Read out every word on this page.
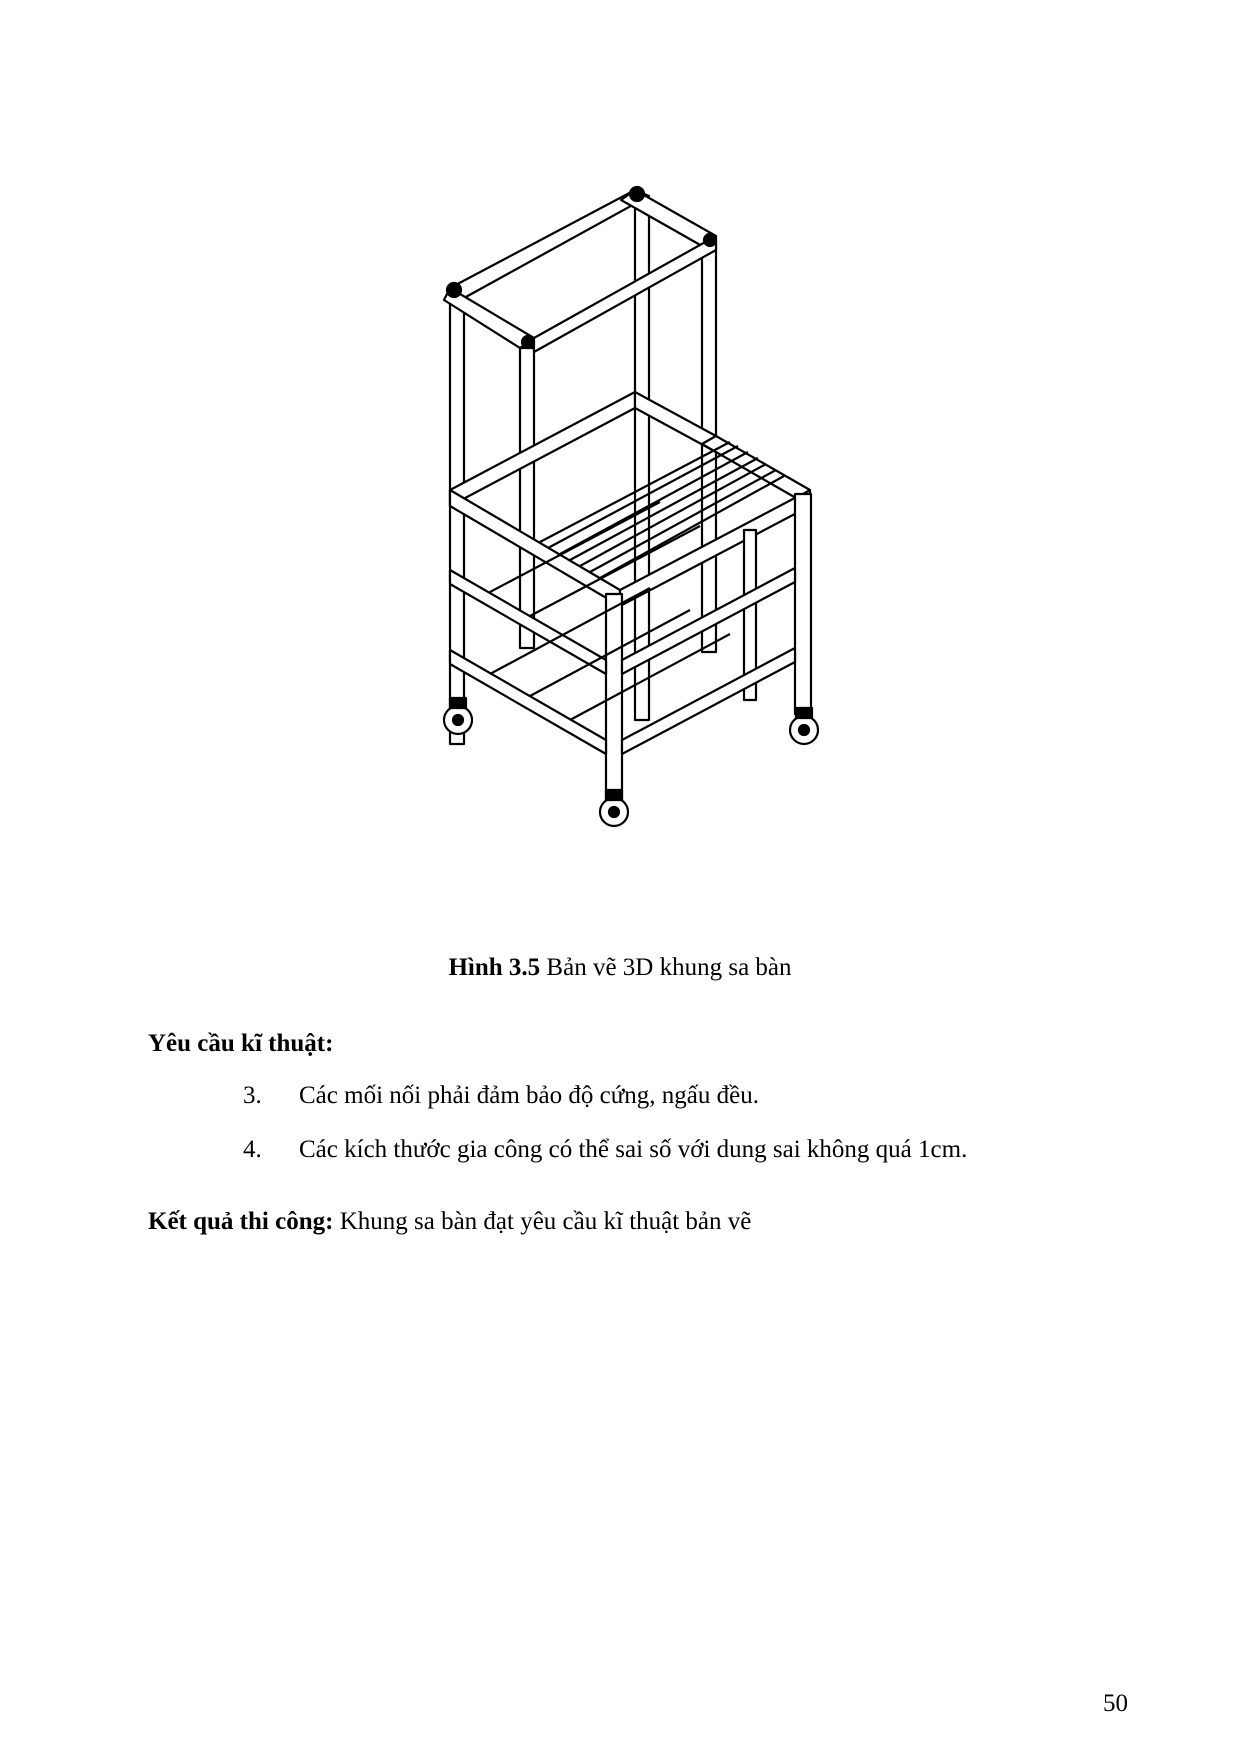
Hình 3.5 Bản vẽ 3D khung sa bàn
Yêu cầu kĩ thuật:
3. Các mối nối phải đảm bảo độ cứng, ngấu đều.
4. Các kích thước gia công có thể sai số với dung sai không quá 1cm.
Kết quả thi công: Khung sa bàn đạt yêu cầu kĩ thuật bản vẽ
50
